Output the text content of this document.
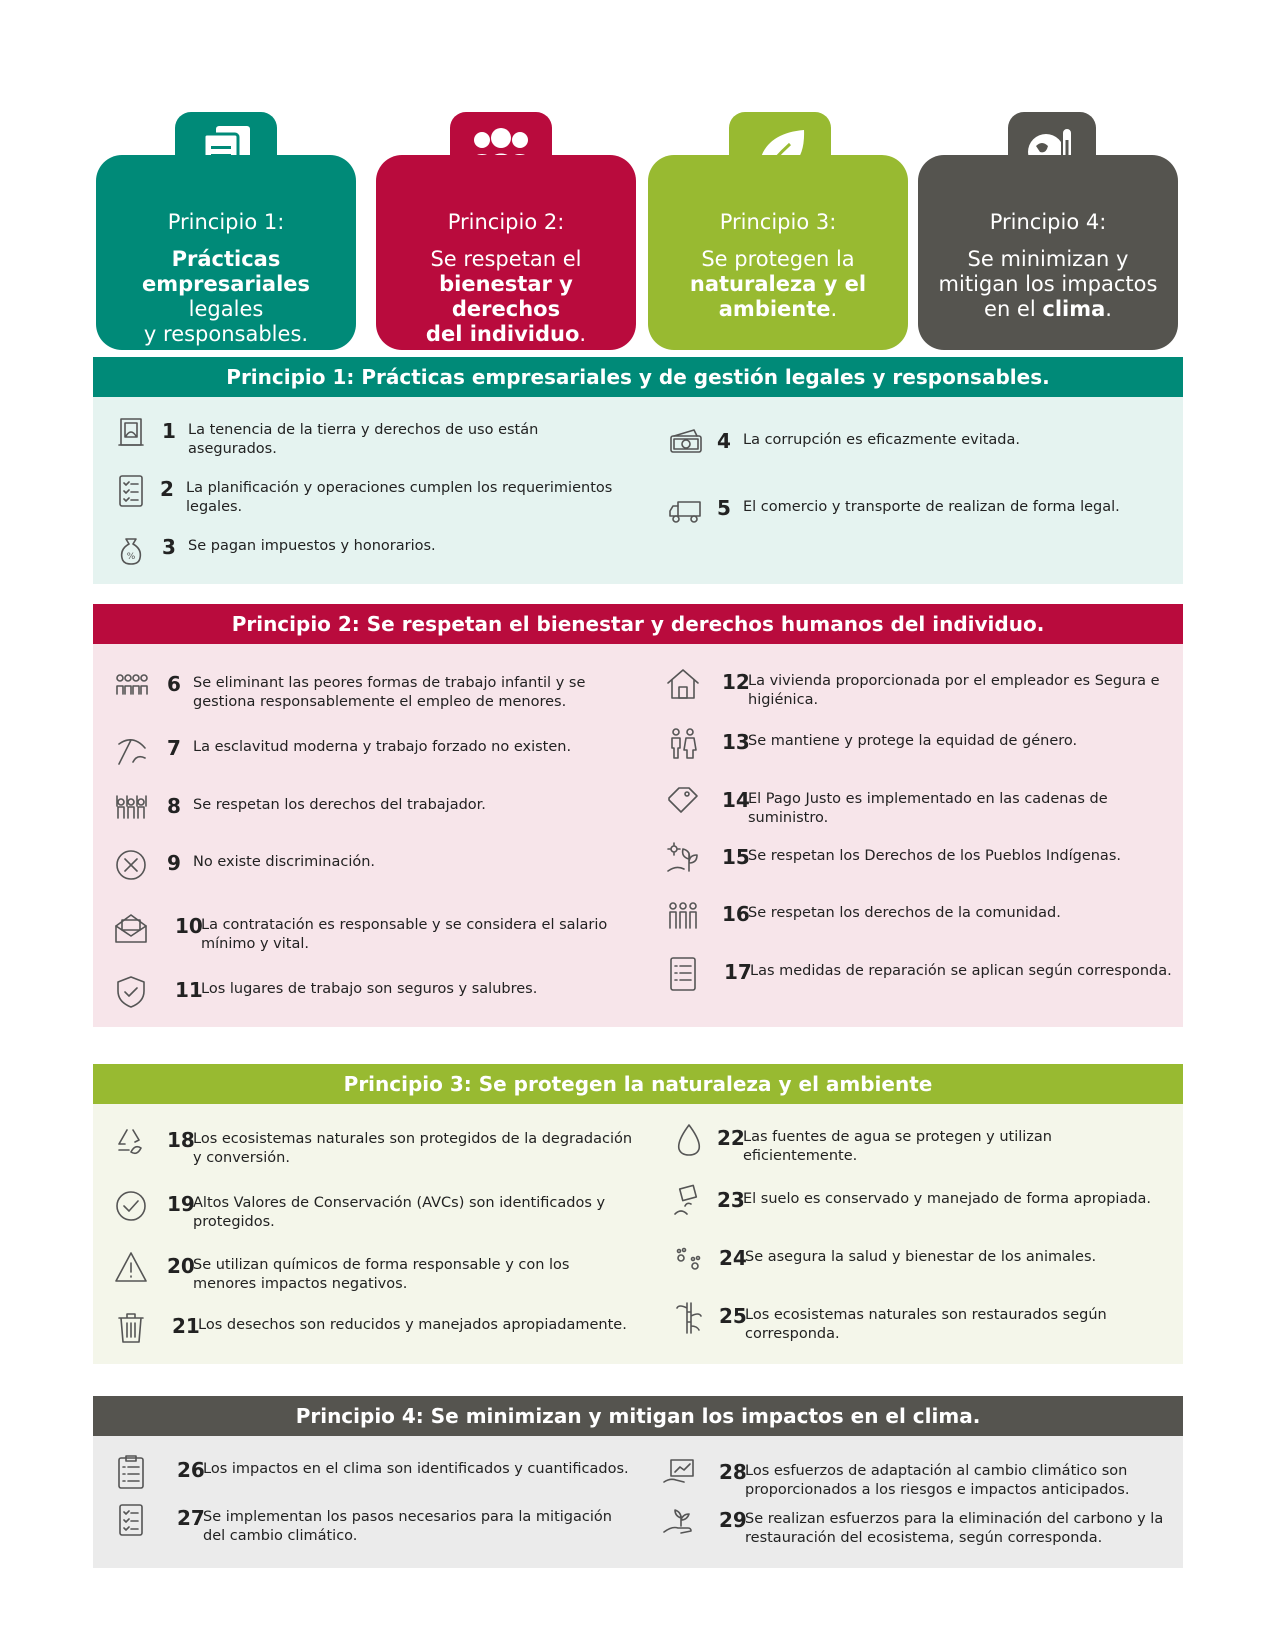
Principio 1:
Prácticas
empresariales legales
y responsables.
Principio 2:
Se respetan el
bienestar y derechos
del individuo.
Principio 3:
Se protegen la
naturaleza y el
ambiente.
Principio 4:
Se minimizan y
mitigan los impactos
en el clima.
Principio 1: Prácticas empresariales y de gestión legales y responsables.
1 La tenencia de la tierra y derechos de uso están asegurados.
2 La planificación y operaciones cumplen los requerimientos legales.
% 3 Se pagan impuestos y honorarios.
4 La corrupción es eficazmente evitada.
5 El comercio y transporte de realizan de forma legal.
Principio 2: Se respetan el bienestar y derechos humanos del individuo.
6 Se eliminant las peores formas de trabajo infantil y se gestiona responsablemente el empleo de menores.
7 La esclavitud moderna y trabajo forzado no existen.
8 Se respetan los derechos del trabajador.
9 No existe discriminación.
10
La contratación es responsable y se considera el salario mínimo y vital.
11
Los lugares de trabajo son seguros y salubres.
12
La vivienda proporcionada por el empleador es Segura e higiénica.
13
Se mantiene y protege la equidad de género.
14
El Pago Justo es implementado en las cadenas de suministro.
15
Se respetan los Derechos de los Pueblos Indígenas.
16
Se respetan los derechos de la comunidad.
17
Las medidas de reparación se aplican según corresponda.
Principio 3: Se protegen la naturaleza y el ambiente
18
Los ecosistemas naturales son protegidos de la degradación y conversión.
19
Altos Valores de Conservación (AVCs) son identificados y protegidos.
20
Se utilizan químicos de forma responsable y con los menores impactos negativos.
21
Los desechos son reducidos y manejados apropiadamente.
22
Las fuentes de agua se protegen y utilizan eficientemente.
23
El suelo es conservado y manejado de forma apropiada.
24
Se asegura la salud y bienestar de los animales.
25
Los ecosistemas naturales son restaurados según corresponda.
Principio 4: Se minimizan y mitigan los impactos en el clima.
26
Los impactos en el clima son identificados y cuantificados.
27
Se implementan los pasos necesarios para la mitigación del cambio climático.
28
Los esfuerzos de adaptación al cambio climático son proporcionados a los riesgos e impactos anticipados.
29
Se realizan esfuerzos para la eliminación del carbono y la restauración del ecosistema, según corresponda.
